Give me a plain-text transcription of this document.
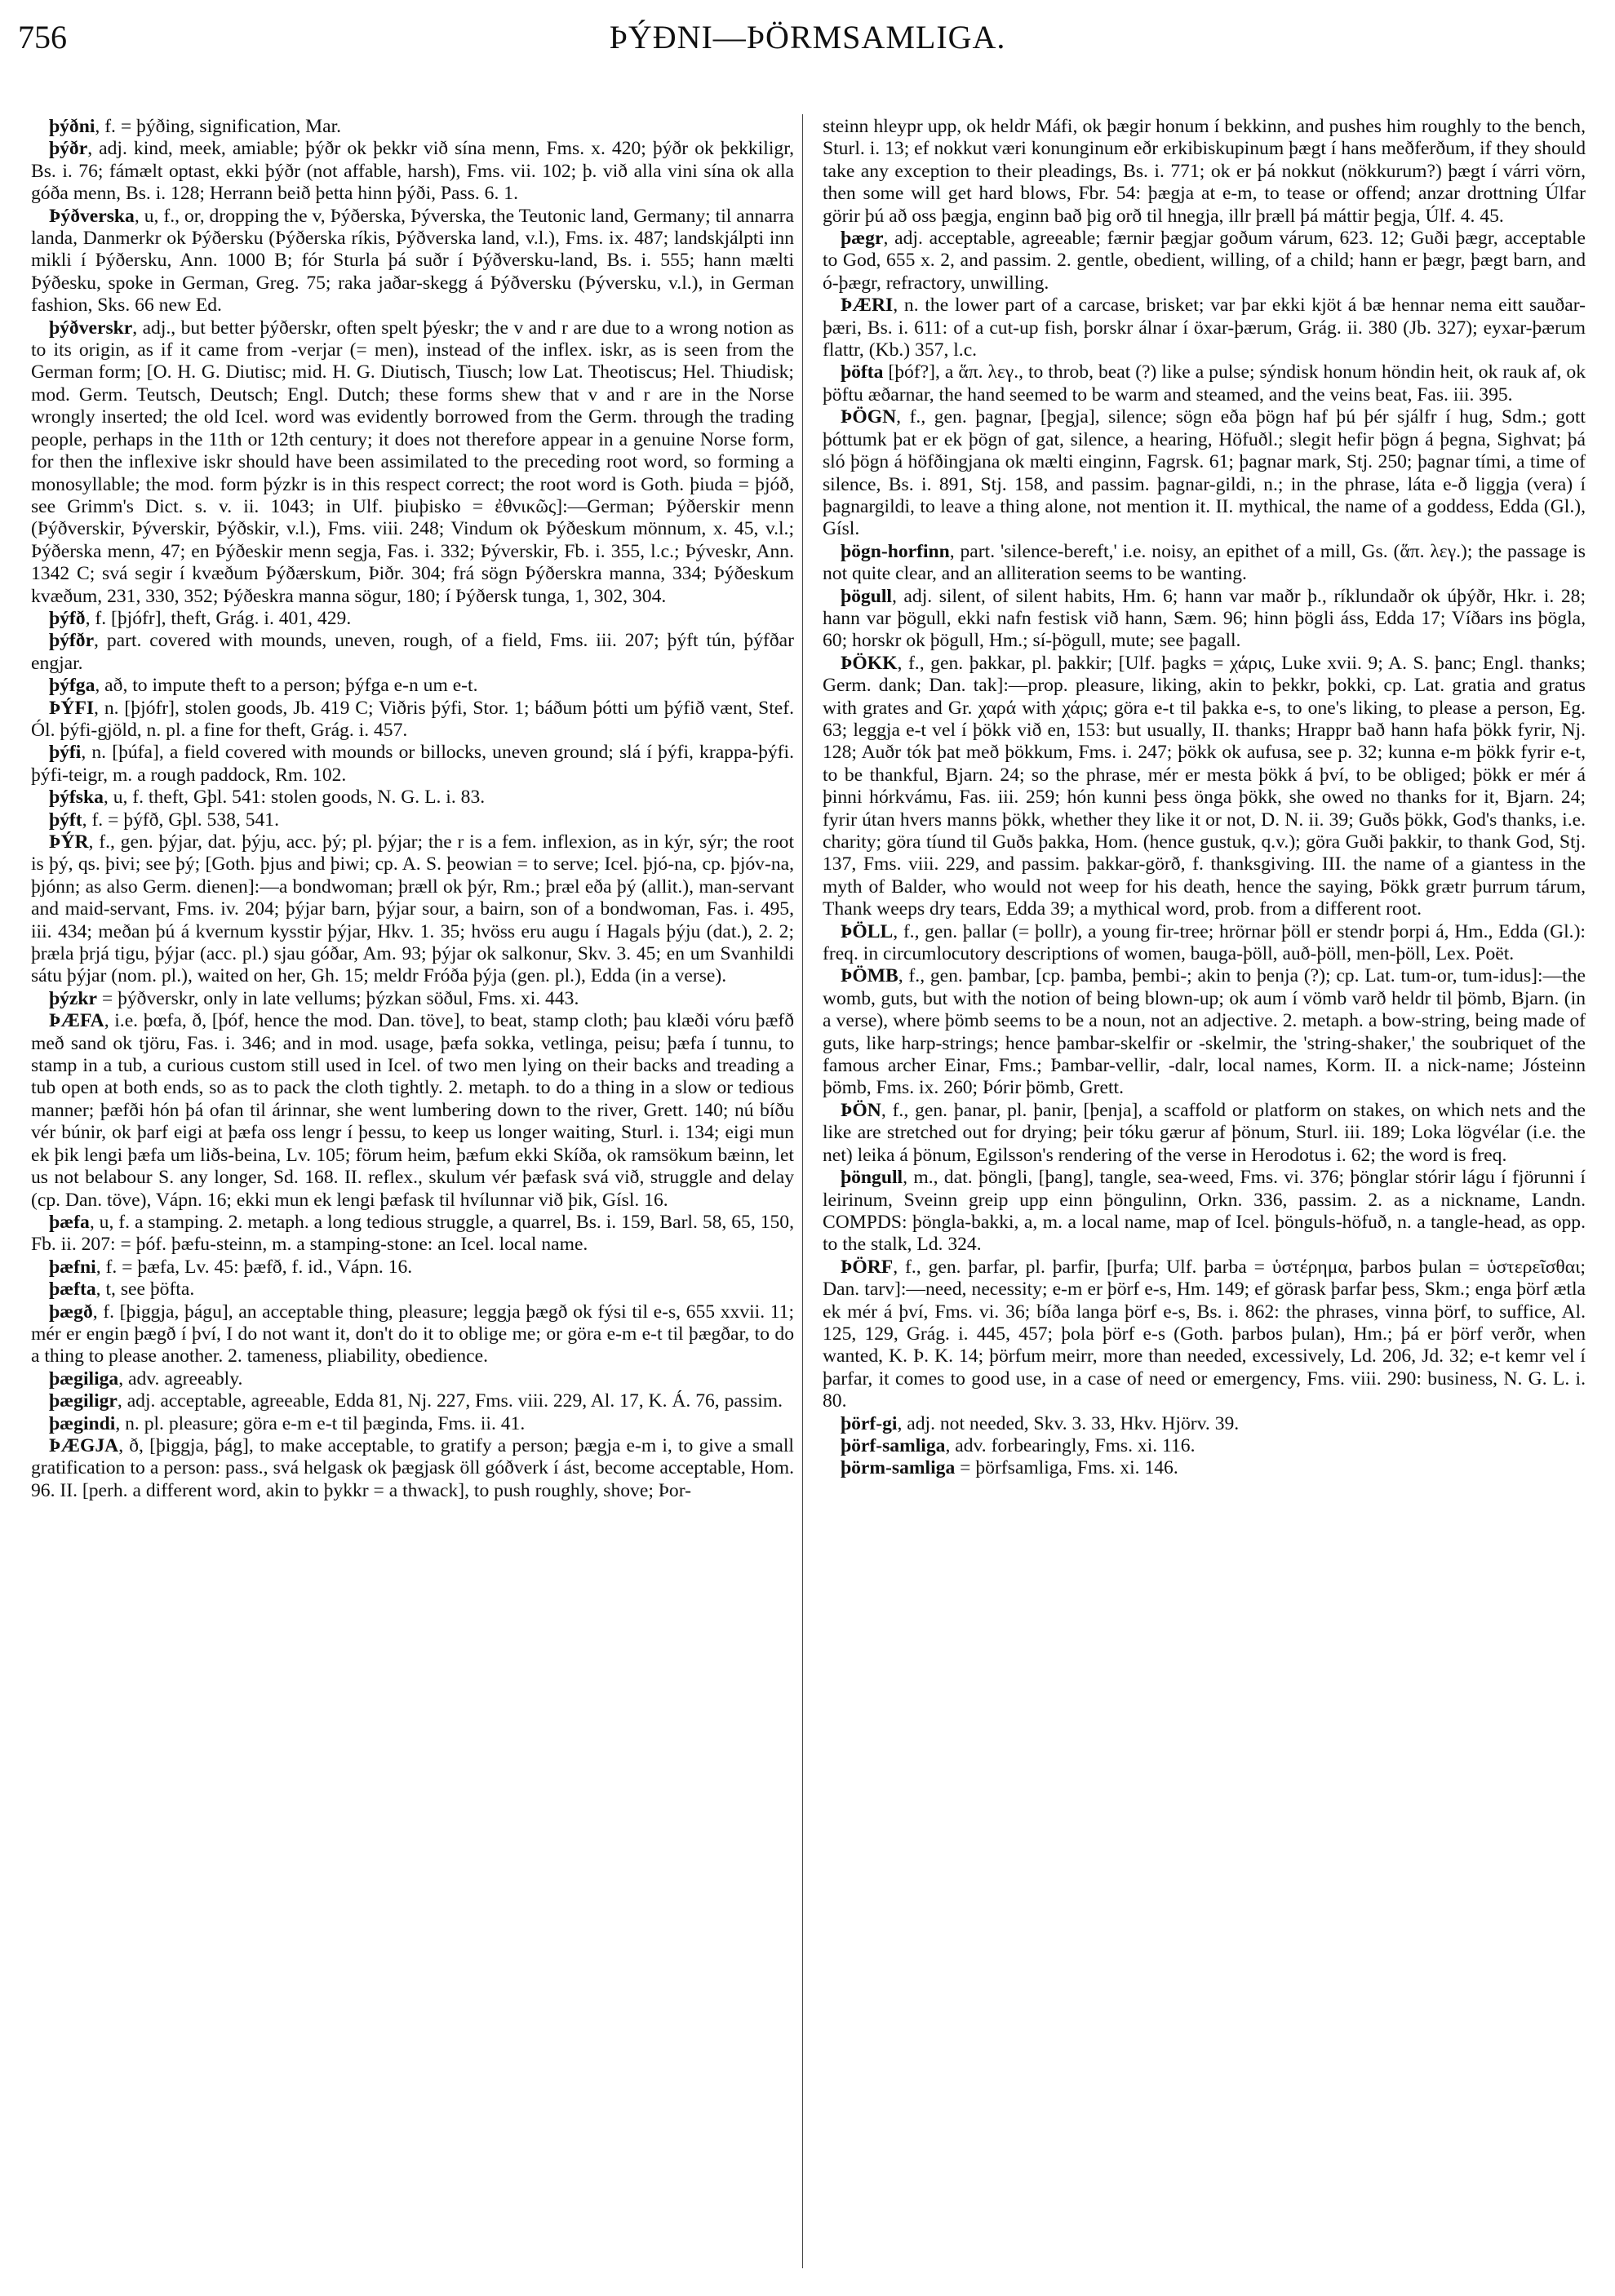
756	ÞÝÐNI—ÞÖRMSAMLIGA.

þýðni, f. = þýðing, signification, Mar.

þýðr, adj. kind, meek, amiable; þýðr ok þekkr við sína menn, Fms. x. 420; þýðr ok þekkiligr, Bs. i. 76; fámælt optast, ekki þýðr (not affable, harsh), Fms. vii. 102; þ. við alla vini sína ok alla góða menn, Bs. i. 128; Herrann beið þetta hinn þýði, Pass. 6. 1.

Þýðverska, u, f., or, dropping the v, Þýðerska, Þýverska, the Teutonic land, Germany; til annarra landa, Danmerkr ok Þýðersku (Þýðerska ríkis, Þýðverska land, v.l.), Fms. ix. 487; landskjálpti inn mikli í Þýðersku, Ann. 1000 B; fór Sturla þá suðr í Þýðversku-land, Bs. i. 555; hann mælti Þýðesku, spoke in German, Greg. 75; raka jaðar-skegg á Þýðversku (Þýversku, v.l.), in German fashion, Sks. 66 new Ed.

þýðverskr, adj., but better þýðerskr, often spelt þýeskr; the v and r are due to a wrong notion as to its origin, as if it came from -verjar (= men), instead of the inflex. iskr, as is seen from the German form; [O. H. G. Diutisc; mid. H. G. Diutisch, Tiusch; low Lat. Theotiscus; Hel. Thiudisk; mod. Germ. Teutsch, Deutsch; Engl. Dutch; these forms shew that v and r are in the Norse wrongly inserted; the old Icel. word was evidently borrowed from the Germ. through the trading people, perhaps in the 11th or 12th century; it does not therefore appear in a genuine Norse form, for then the inflexive iskr should have been assimilated to the preceding root word, so forming a monosyllable; the mod. form þýzkr is in this respect correct; the root word is Goth. þiuda = þjóð, see Grimm's Dict. s. v. ii. 1043; in Ulf. þiuþisko = ἐθνικῶς]:—German; Þýðerskir menn (Þýðverskir, Þýverskir, Þýðskir, v.l.), Fms. viii. 248; Vindum ok Þýðeskum mönnum, x. 45, v.l.; Þýðerska menn, 47; en Þýðeskir menn segja, Fas. i. 332; Þýverskir, Fb. i. 355, l.c.; Þýveskr, Ann. 1342 C; svá segir í kvæðum Þýðærskum, Þiðr. 304; frá sögn Þýðerskra manna, 334; Þýðeskum kvæðum, 231, 330, 352; Þýðeskra manna sögur, 180; í Þýðersk tunga, 1, 302, 304.

þýfð, f. [þjófr], theft, Grág. i. 401, 429.

þýfðr, part. covered with mounds, uneven, rough, of a field, Fms. iii. 207; þýft tún, þýfðar engjar.

þýfga, að, to impute theft to a person; þýfga e-n um e-t.

ÞÝFI, n. [þjófr], stolen goods, Jb. 419 C; Viðris þýfi, Stor. 1; báðum þótti um þýfið vænt, Stef. Ól. þýfi-gjöld, n. pl. a fine for theft, Grág. i. 457.

þýfi, n. [þúfa], a field covered with mounds or billocks, uneven ground; slá í þýfi, krappa-þýfi. þýfi-teigr, m. a rough paddock, Rm. 102.

þýfska, u, f. theft, Gþl. 541: stolen goods, N. G. L. i. 83.

þýft, f. = þýfð, Gþl. 538, 541.

ÞÝR, f., gen. þýjar, dat. þýju, acc. þý; pl. þýjar; the r is a fem. inflexion, as in kýr, sýr; the root is þý, qs. þivi; see þý; [Goth. þjus and þiwi; cp. A. S. þeowian = to serve; Icel. þjó-na, cp. þjóv-na, þjónn; as also Germ. dienen]:—a bondwoman; þræll ok þýr, Rm.; þræl eða þý (allit.), man-servant and maid-servant, Fms. iv. 204; þýjar barn, þýjar sour, a bairn, son of a bondwoman, Fas. i. 495, iii. 434; meðan þú á kvernum kysstir þýjar, Hkv. 1. 35; hvöss eru augu í Hagals þýju (dat.), 2. 2; þræla þrjá tigu, þýjar (acc. pl.) sjau góðar, Am. 93; þýjar ok salkonur, Skv. 3. 45; en um Svanhildi sátu þýjar (nom. pl.), waited on her, Gh. 15; meldr Fróða þýja (gen. pl.), Edda (in a verse).

þýzkr = þýðverskr, only in late vellums; þýzkan söðul, Fms. xi. 443.

ÞÆFA, i.e. þœfa, ð, [þóf, hence the mod. Dan. töve], to beat, stamp cloth; þau klæði vóru þæfð með sand ok tjöru, Fas. i. 346; and in mod. usage, þæfa sokka, vetlinga, peisu; þæfa í tunnu, to stamp in a tub, a curious custom still used in Icel. of two men lying on their backs and treading a tub open at both ends, so as to pack the cloth tightly. 2. metaph. to do a thing in a slow or tedious manner; þæfði hón þá ofan til árinnar, she went lumbering down to the river, Grett. 140; nú bíðu vér búnir, ok þarf eigi at þæfa oss lengr í þessu, to keep us longer waiting, Sturl. i. 134; eigi mun ek þik lengi þæfa um liðs-beina, Lv. 105; förum heim, þæfum ekki Skíða, ok ramsökum bæinn, let us not belabour S. any longer, Sd. 168. II. reflex., skulum vér þæfask svá við, struggle and delay (cp. Dan. töve), Vápn. 16; ekki mun ek lengi þæfask til hvílunnar við þik, Gísl. 16.

þæfa, u, f. a stamping. 2. metaph. a long tedious struggle, a quarrel, Bs. i. 159, Barl. 58, 65, 150, Fb. ii. 207: = þóf. þæfu-steinn, m. a stamping-stone: an Icel. local name.

þæfni, f. = þæfa, Lv. 45: þæfð, f. id., Vápn. 16.

þæfta, t, see þöfta.

þægð, f. [þiggja, þágu], an acceptable thing, pleasure; leggja þægð ok fýsi til e-s, 655 xxvii. 11; mér er engin þægð í því, I do not want it, don't do it to oblige me; or göra e-m e-t til þægðar, to do a thing to please another. 2. tameness, pliability, obedience.

þægiliga, adv. agreeably.

þægiligr, adj. acceptable, agreeable, Edda 81, Nj. 227, Fms. viii. 229, Al. 17, K. Á. 76, passim.

þægindi, n. pl. pleasure; göra e-m e-t til þæginda, Fms. ii. 41.

ÞÆGJA, ð, [þiggja, þág], to make acceptable, to gratify a person; þægja e-m i, to give a small gratification to a person: pass., svá helgask ok þægjask öll góðverk í ást, become acceptable, Hom. 96. II. [perh. a different word, akin to þykkr = a thwack], to push roughly, shove; Þor-

steinn hleypr upp, ok heldr Máfi, ok þægir honum í bekkinn, and pushes him roughly to the bench, Sturl. i. 13; ef nokkut væri konunginum eðr erkibiskupinum þægt í hans meðferðum, if they should take any exception to their pleadings, Bs. i. 771; ok er þá nokkut (nökkurum?) þægt í várri vörn, then some will get hard blows, Fbr. 54: þægja at e-m, to tease or offend; anzar drottning Úlfar görir þú að oss þægja, enginn bað þig orð til hnegja, illr þræll þá máttir þegja, Úlf. 4. 45.

þægr, adj. acceptable, agreeable; færnir þægjar goðum várum, 623. 12; Guði þægr, acceptable to God, 655 x. 2, and passim. 2. gentle, obedient, willing, of a child; hann er þægr, þægt barn, and ó-þægr, refractory, unwilling.

ÞÆRI, n. the lower part of a carcase, brisket; var þar ekki kjöt á bæ hennar nema eitt sauðar-þæri, Bs. i. 611: of a cut-up fish, þorskr álnar í öxar-þærum, Grág. ii. 380 (Jb. 327); eyxar-þærum flattr, (Kb.) 357, l.c.

þöfta [þóf?], a ἅπ. λεγ., to throb, beat (?) like a pulse; sýndisk honum höndin heit, ok rauk af, ok þöftu æðarnar, the hand seemed to be warm and steamed, and the veins beat, Fas. iii. 395.

ÞÖGN, f., gen. þagnar, [þegja], silence; sögn eða þögn haf þú þér sjálfr í hug, Sdm.; gott þóttumk þat er ek þögn of gat, silence, a hearing, Höfuðl.; slegit hefir þögn á þegna, Sighvat; þá sló þögn á höfðingjana ok mælti einginn, Fagrsk. 61; þagnar mark, Stj. 250; þagnar tími, a time of silence, Bs. i. 891, Stj. 158, and passim. þagnar-gildi, n.; in the phrase, láta e-ð liggja (vera) í þagnargildi, to leave a thing alone, not mention it. II. mythical, the name of a goddess, Edda (Gl.), Gísl.

þögn-horfinn, part. 'silence-bereft,' i.e. noisy, an epithet of a mill, Gs. (ἅπ. λεγ.); the passage is not quite clear, and an alliteration seems to be wanting.

þögull, adj. silent, of silent habits, Hm. 6; hann var maðr þ., ríklundaðr ok úþýðr, Hkr. i. 28; hann var þögull, ekki nafn festisk við hann, Sæm. 96; hinn þögli áss, Edda 17; Víðars ins þögla, 60; horskr ok þögull, Hm.; sí-þögull, mute; see þagall.

ÞÖKK, f., gen. þakkar, pl. þakkir; [Ulf. þagks = χάρις, Luke xvii. 9; A. S. þanc; Engl. thanks; Germ. dank; Dan. tak]:—prop. pleasure, liking, akin to þekkr, þokki, cp. Lat. gratia and gratus with grates and Gr. χαρά with χάρις; göra e-t til þakka e-s, to one's liking, to please a person, Eg. 63; leggja e-t vel í þökk við en, 153: but usually, II. thanks; Hrappr bað hann hafa þökk fyrir, Nj. 128; Auðr tók þat með þökkum, Fms. i. 247; þökk ok aufusa, see p. 32; kunna e-m þökk fyrir e-t, to be thankful, Bjarn. 24; so the phrase, mér er mesta þökk á því, to be obliged; þökk er mér á þinni hórkvámu, Fas. iii. 259; hón kunni þess önga þökk, she owed no thanks for it, Bjarn. 24; fyrir útan hvers manns þökk, whether they like it or not, D. N. ii. 39; Guðs þökk, God's thanks, i.e. charity; göra tíund til Guðs þakka, Hom. (hence gustuk, q.v.); göra Guði þakkir, to thank God, Stj. 137, Fms. viii. 229, and passim. þakkar-görð, f. thanksgiving. III. the name of a giantess in the myth of Balder, who would not weep for his death, hence the saying, Þökk grætr þurrum tárum, Thank weeps dry tears, Edda 39; a mythical word, prob. from a different root.

ÞÖLL, f., gen. þallar (= þollr), a young fir-tree; hrörnar þöll er stendr þorpi á, Hm., Edda (Gl.): freq. in circumlocutory descriptions of women, bauga-þöll, auð-þöll, men-þöll, Lex. Poët.

ÞÖMB, f., gen. þambar, [cp. þamba, þembi-; akin to þenja (?); cp. Lat. tum-or, tum-idus]:—the womb, guts, but with the notion of being blown-up; ok aum í vömb varð heldr til þömb, Bjarn. (in a verse), where þömb seems to be a noun, not an adjective. 2. metaph. a bow-string, being made of guts, like harp-strings; hence þambar-skelfir or -skelmir, the 'string-shaker,' the soubriquet of the famous archer Einar, Fms.; Þambar-vellir, -dalr, local names, Korm. II. a nick-name; Jósteinn þömb, Fms. ix. 260; Þórir þömb, Grett.

ÞÖN, f., gen. þanar, pl. þanir, [þenja], a scaffold or platform on stakes, on which nets and the like are stretched out for drying; þeir tóku gærur af þönum, Sturl. iii. 189; Loka lögvélar (i.e. the net) leika á þönum, Egilsson's rendering of the verse in Herodotus i. 62; the word is freq.

þöngull, m., dat. þöngli, [þang], tangle, sea-weed, Fms. vi. 376; þönglar stórir lágu í fjörunni í leirinum, Sveinn greip upp einn þöngulinn, Orkn. 336, passim. 2. as a nickname, Landn. COMPDS: þöngla-bakki, a, m. a local name, map of Icel. þönguls-höfuð, n. a tangle-head, as opp. to the stalk, Ld. 324.

ÞÖRF, f., gen. þarfar, pl. þarfir, [þurfa; Ulf. þarba = ὑστέρημα, þarbos þulan = ὑστερεῖσθαι; Dan. tarv]:—need, necessity; e-m er þörf e-s, Hm. 149; ef görask þarfar þess, Skm.; enga þörf ætla ek mér á því, Fms. vi. 36; bíða langa þörf e-s, Bs. i. 862: the phrases, vinna þörf, to suffice, Al. 125, 129, Grág. i. 445, 457; þola þörf e-s (Goth. þarbos þulan), Hm.; þá er þörf verðr, when wanted, K. Þ. K. 14; þörfum meirr, more than needed, excessively, Ld. 206, Jd. 32; e-t kemr vel í þarfar, it comes to good use, in a case of need or emergency, Fms. viii. 290: business, N. G. L. i. 80.

þörf-gi, adj. not needed, Skv. 3. 33, Hkv. Hjörv. 39.

þörf-samliga, adv. forbearingly, Fms. xi. 116.

þörm-samliga = þörfsamliga, Fms. xi. 146.
